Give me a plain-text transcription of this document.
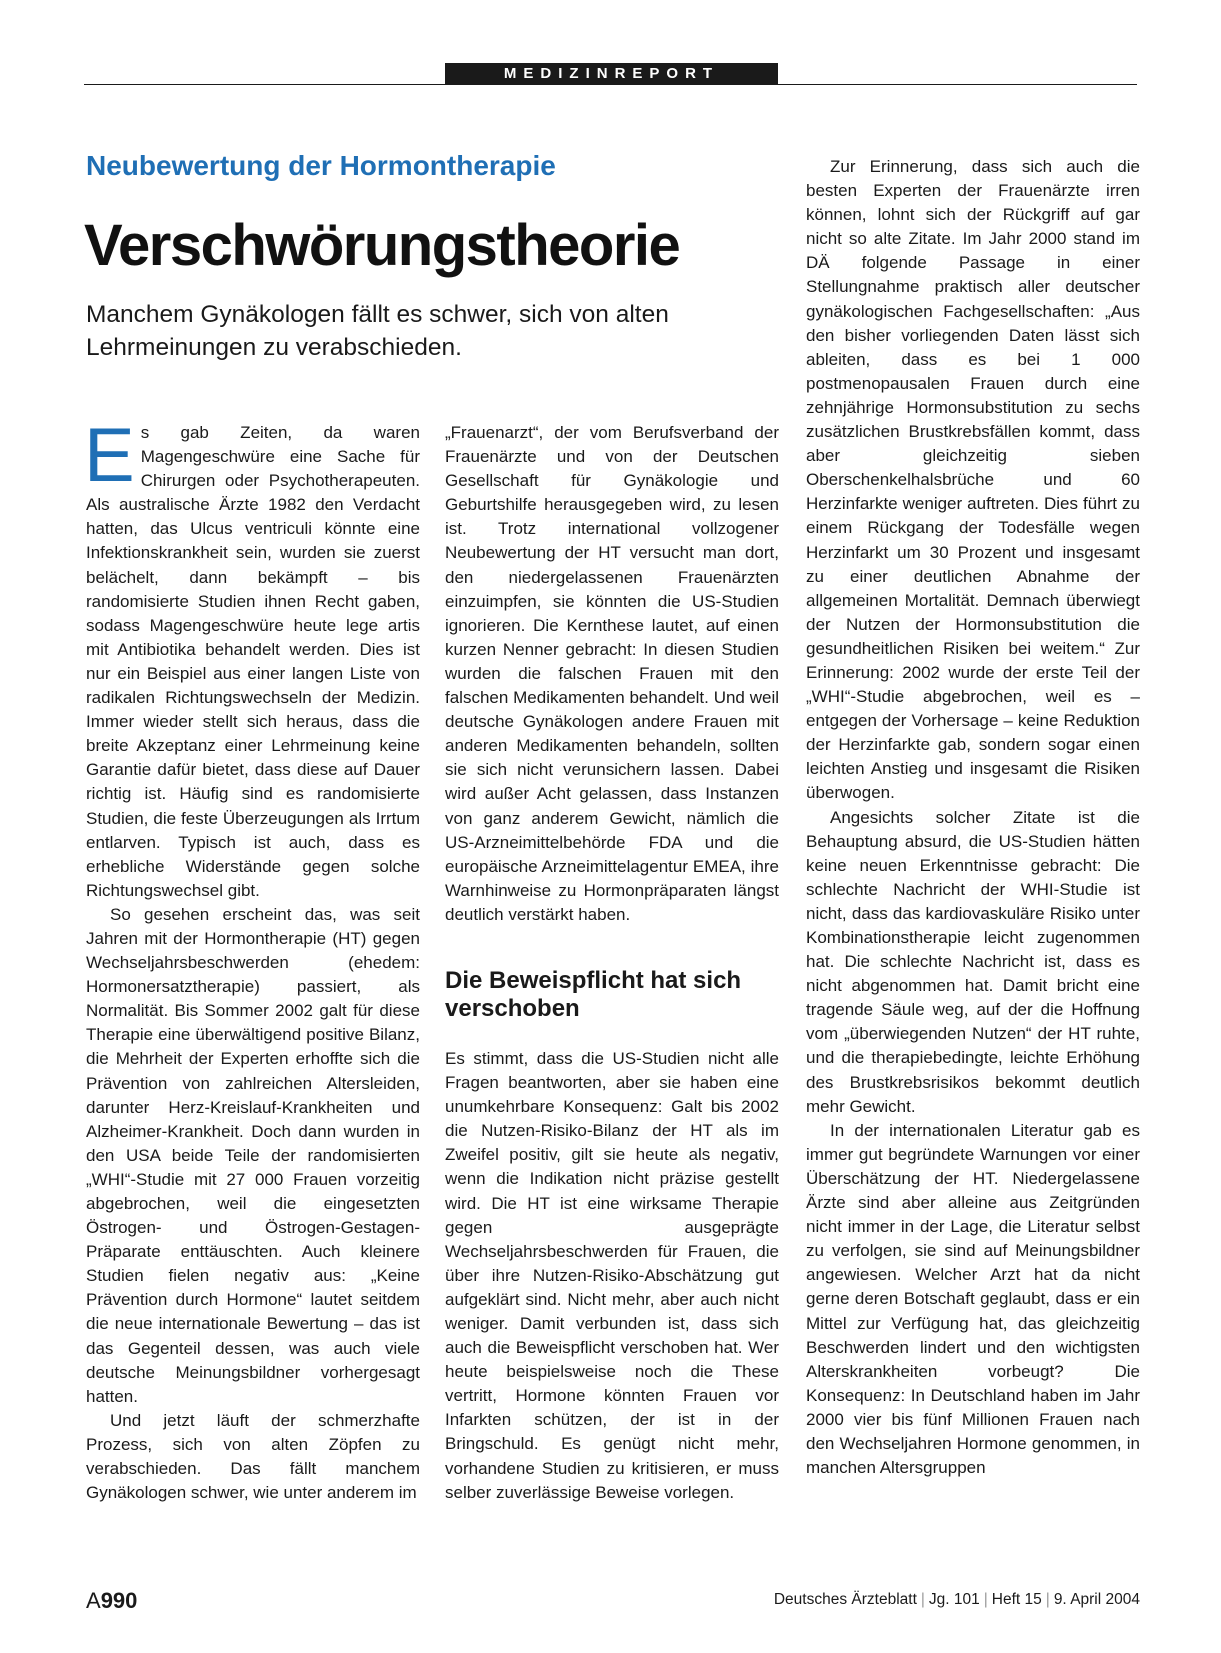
MEDIZINREPORT
Neubewertung der Hormontherapie
Verschwörungstheorie
Manchem Gynäkologen fällt es schwer, sich von alten Lehrmeinungen zu verabschieden.

Es gab Zeiten, da waren Magengeschwüre eine Sache für Chirurgen oder Psychotherapeuten. Als australische Ärzte 1982 den Verdacht hatten, das Ulcus ventriculi könnte eine Infektionskrankheit sein, wurden sie zuerst belächelt, dann bekämpft – bis randomisierte Studien ihnen Recht gaben, sodass Magengeschwüre heute lege artis mit Antibiotika behandelt werden. Dies ist nur ein Beispiel aus einer langen Liste von radikalen Richtungswechseln der Medizin. Immer wieder stellt sich heraus, dass die breite Akzeptanz einer Lehrmeinung keine Garantie dafür bietet, dass diese auf Dauer richtig ist. Häufig sind es randomisierte Studien, die feste Überzeugungen als Irrtum entlarven. Typisch ist auch, dass es erhebliche Widerstände gegen solche Richtungswechsel gibt.

So gesehen erscheint das, was seit Jahren mit der Hormontherapie (HT) gegen Wechseljahrsbeschwerden (ehedem: Hormonersatztherapie) passiert, als Normalität. Bis Sommer 2002 galt für diese Therapie eine überwältigend positive Bilanz, die Mehrheit der Experten erhoffte sich die Prävention von zahlreichen Altersleiden, darunter Herz-Kreislauf-Krankheiten und Alzheimer-Krankheit. Doch dann wurden in den USA beide Teile der randomisierten „WHI“-Studie mit 27 000 Frauen vorzeitig abgebrochen, weil die eingesetzten Östrogen- und Östrogen-Gestagen-Präparate enttäuschten. Auch kleinere Studien fielen negativ aus: „Keine Prävention durch Hormone“ lautet seitdem die neue internationale Bewertung – das ist das Gegenteil dessen, was auch viele deutsche Meinungsbildner vorhergesagt hatten.

Und jetzt läuft der schmerzhafte Prozess, sich von alten Zöpfen zu verabschieden. Das fällt manchem Gynäkologen schwer, wie unter anderem im

„Frauenarzt“, der vom Berufsverband der Frauenärzte und von der Deutschen Gesellschaft für Gynäkologie und Geburtshilfe herausgegeben wird, zu lesen ist. Trotz international vollzogener Neubewertung der HT versucht man dort, den niedergelassenen Frauenärzten einzuimpfen, sie könnten die US-Studien ignorieren. Die Kernthese lautet, auf einen kurzen Nenner gebracht: In diesen Studien wurden die falschen Frauen mit den falschen Medikamenten behandelt. Und weil deutsche Gynäkologen andere Frauen mit anderen Medikamenten behandeln, sollten sie sich nicht verunsichern lassen. Dabei wird außer Acht gelassen, dass Instanzen von ganz anderem Gewicht, nämlich die US-Arzneimittelbehörde FDA und die europäische Arzneimittelagentur EMEA, ihre Warnhinweise zu Hormonpräparaten längst deutlich verstärkt haben.

Die Beweispflicht hat sich verschoben

Es stimmt, dass die US-Studien nicht alle Fragen beantworten, aber sie haben eine unumkehrbare Konsequenz: Galt bis 2002 die Nutzen-Risiko-Bilanz der HT als im Zweifel positiv, gilt sie heute als negativ, wenn die Indikation nicht präzise gestellt wird. Die HT ist eine wirksame Therapie gegen ausgeprägte Wechseljahrsbeschwerden für Frauen, die über ihre Nutzen-Risiko-Abschätzung gut aufgeklärt sind. Nicht mehr, aber auch nicht weniger. Damit verbunden ist, dass sich auch die Beweispflicht verschoben hat. Wer heute beispielsweise noch die These vertritt, Hormone könnten Frauen vor Infarkten schützen, der ist in der Bringschuld. Es genügt nicht mehr, vorhandene Studien zu kritisieren, er muss selber zuverlässige Beweise vorlegen.

Zur Erinnerung, dass sich auch die besten Experten der Frauenärzte irren können, lohnt sich der Rückgriff auf gar nicht so alte Zitate. Im Jahr 2000 stand im DÄ folgende Passage in einer Stellungnahme praktisch aller deutscher gynäkologischen Fachgesellschaften: „Aus den bisher vorliegenden Daten lässt sich ableiten, dass es bei 1 000 postmenopausalen Frauen durch eine zehnjährige Hormonsubstitution zu sechs zusätzlichen Brustkrebsfällen kommt, dass aber gleichzeitig sieben Oberschenkelhalsbrüche und 60 Herzinfarkte weniger auftreten. Dies führt zu einem Rückgang der Todesfälle wegen Herzinfarkt um 30 Prozent und insgesamt zu einer deutlichen Abnahme der allgemeinen Mortalität. Demnach überwiegt der Nutzen der Hormonsubstitution die gesundheitlichen Risiken bei weitem.“ Zur Erinnerung: 2002 wurde der erste Teil der „WHI“-Studie abgebrochen, weil es – entgegen der Vorhersage – keine Reduktion der Herzinfarkte gab, sondern sogar einen leichten Anstieg und insgesamt die Risiken überwogen.

Angesichts solcher Zitate ist die Behauptung absurd, die US-Studien hätten keine neuen Erkenntnisse gebracht: Die schlechte Nachricht der WHI-Studie ist nicht, dass das kardiovaskuläre Risiko unter Kombinationstherapie leicht zugenommen hat. Die schlechte Nachricht ist, dass es nicht abgenommen hat. Damit bricht eine tragende Säule weg, auf der die Hoffnung vom „überwiegenden Nutzen“ der HT ruhte, und die therapiebedingte, leichte Erhöhung des Brustkrebsrisikos bekommt deutlich mehr Gewicht.

In der internationalen Literatur gab es immer gut begründete Warnungen vor einer Überschätzung der HT. Niedergelassene Ärzte sind aber alleine aus Zeitgründen nicht immer in der Lage, die Literatur selbst zu verfolgen, sie sind auf Meinungsbildner angewiesen. Welcher Arzt hat da nicht gerne deren Botschaft geglaubt, dass er ein Mittel zur Verfügung hat, das gleichzeitig Beschwerden lindert und den wichtigsten Alterskrankheiten vorbeugt? Die Konsequenz: In Deutschland haben im Jahr 2000 vier bis fünf Millionen Frauen nach den Wechseljahren Hormone genommen, in manchen Altersgruppen

A990	Deutsches Ärzteblatt | Jg. 101 | Heft 15 | 9. April 2004
